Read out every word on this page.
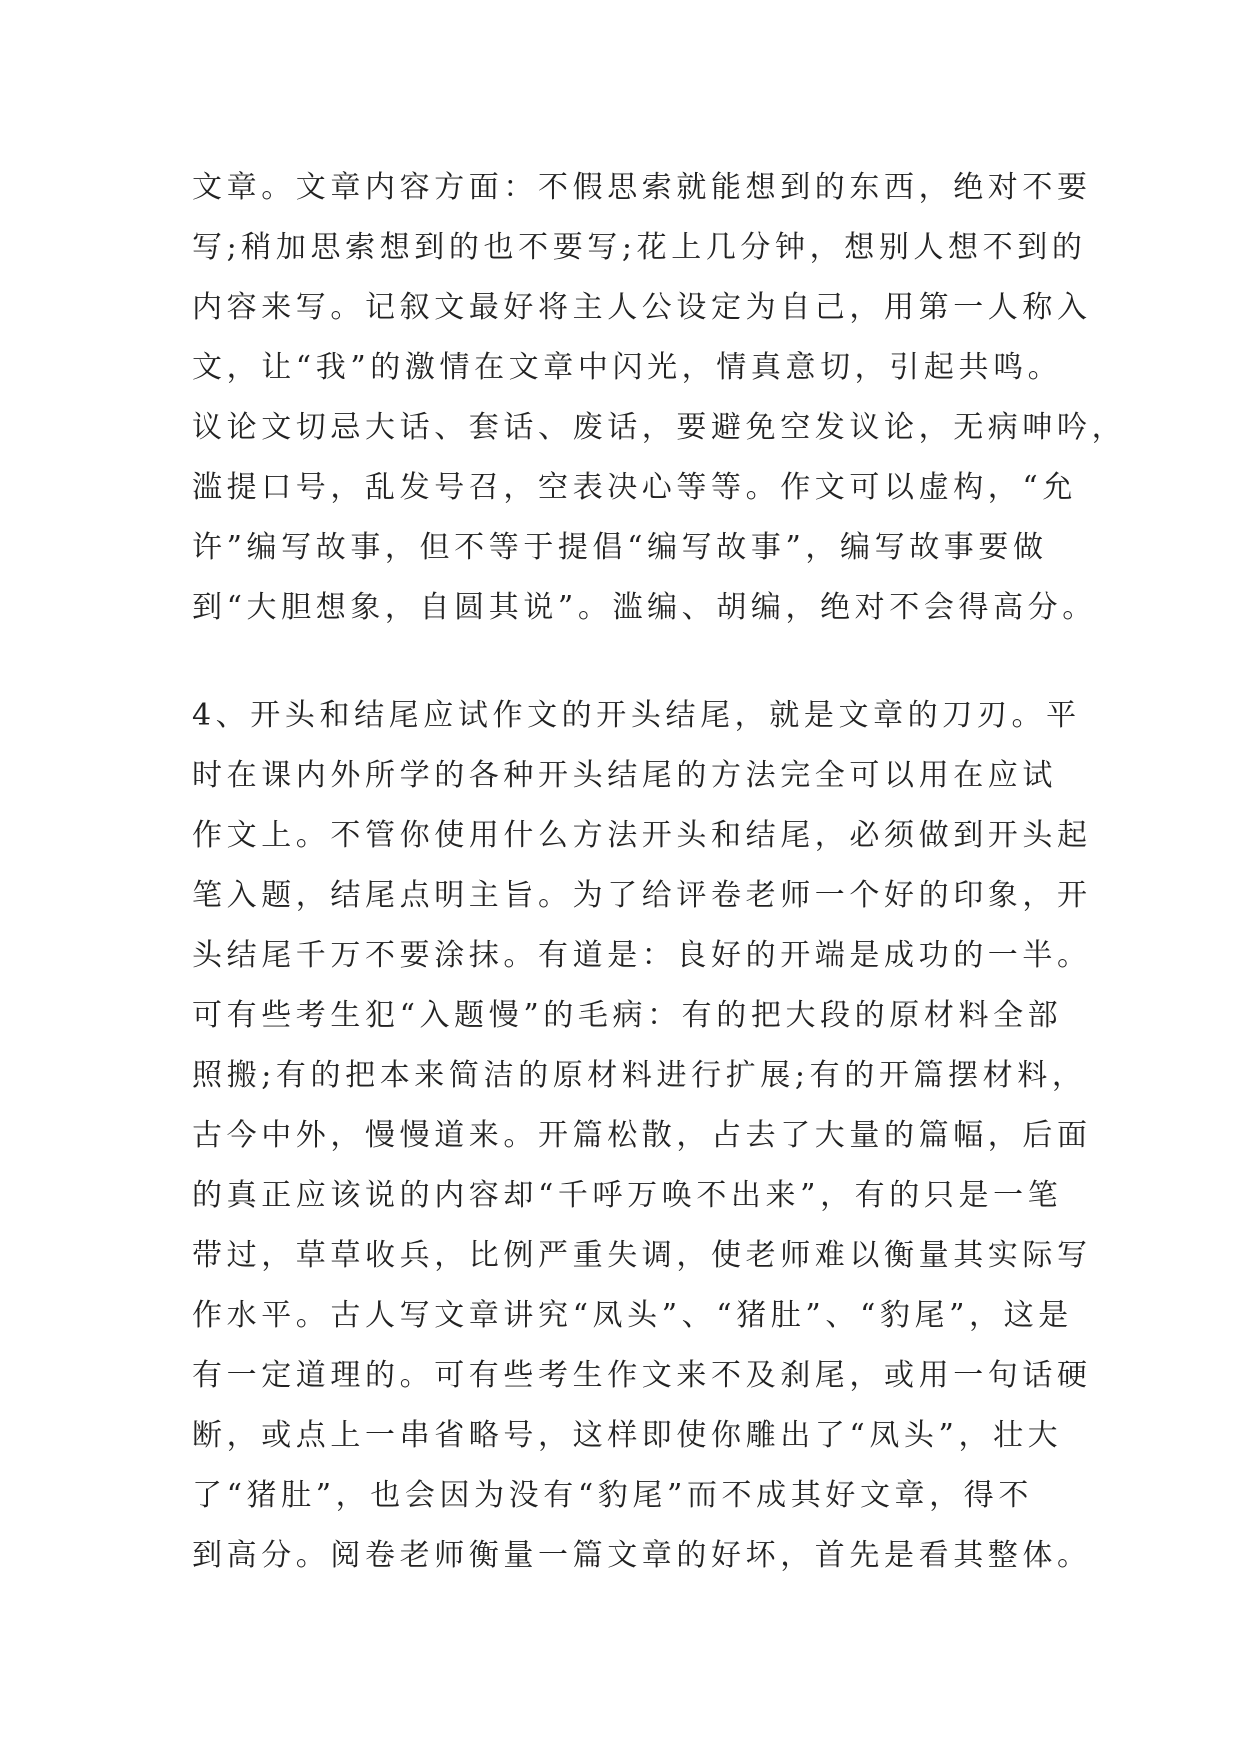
文章。文章内容方面：不假思索就能想到的东西，绝对不要
写;稍加思索想到的也不要写;花上几分钟，想别人想不到的
内容来写。记叙文最好将主人公设定为自己，用第一人称入
文，让“我”的激情在文章中闪光，情真意切，引起共鸣。
议论文切忌大话、套话、废话，要避免空发议论，无病呻吟，
滥提口号，乱发号召，空表决心等等。作文可以虚构，“允
许”编写故事，但不等于提倡“编写故事”，编写故事要做
到“大胆想象，自圆其说”。滥编、胡编，绝对不会得高分。
4、开头和结尾应试作文的开头结尾，就是文章的刀刃。平
时在课内外所学的各种开头结尾的方法完全可以用在应试
作文上。不管你使用什么方法开头和结尾，必须做到开头起
笔入题，结尾点明主旨。为了给评卷老师一个好的印象，开
头结尾千万不要涂抹。有道是：良好的开端是成功的一半。
可有些考生犯“入题慢”的毛病：有的把大段的原材料全部
照搬;有的把本来简洁的原材料进行扩展;有的开篇摆材料，
古今中外，慢慢道来。开篇松散，占去了大量的篇幅，后面
的真正应该说的内容却“千呼万唤不出来”，有的只是一笔
带过，草草收兵，比例严重失调，使老师难以衡量其实际写
作水平。古人写文章讲究“凤头”、“猪肚”、“豹尾”，这是
有一定道理的。可有些考生作文来不及刹尾，或用一句话硬
断，或点上一串省略号，这样即使你雕出了“凤头”，壮大
了“猪肚”，也会因为没有“豹尾”而不成其好文章，得不
到高分。阅卷老师衡量一篇文章的好坏，首先是看其整体。
